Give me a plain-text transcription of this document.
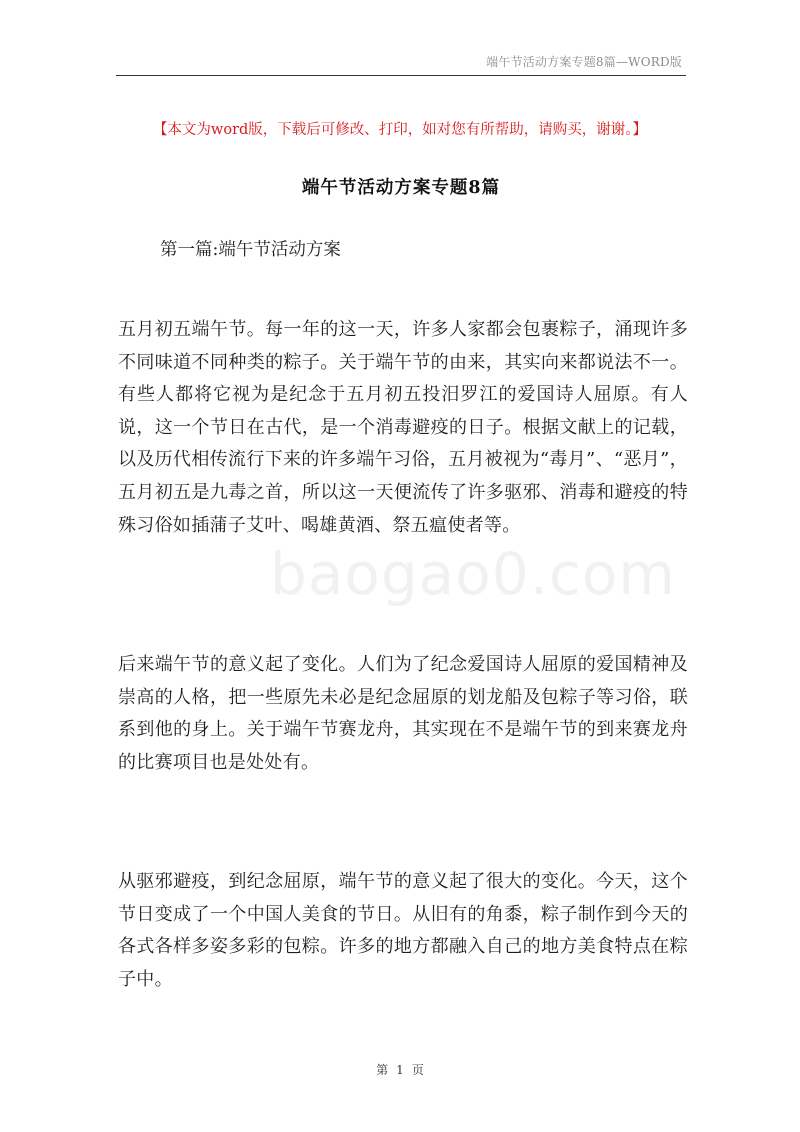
端午节活动方案专题8篇—WORD版
【本文为word版，下载后可修改、打印，如对您有所帮助，请购买，谢谢。】
端午节活动方案专题8篇
第一篇:端午节活动方案
baogao0.com

五月初五端午节。每一年的这一天，许多人家都会包裹粽子，涌现许多不同味道不同种类的粽子。关于端午节的由来，其实向来都说法不一。有些人都将它视为是纪念于五月初五投汨罗江的爱国诗人屈原。有人说，这一个节日在古代，是一个消毒避疫的日子。根据文献上的记载，以及历代相传流行下来的许多端午习俗，五月被视为“毒月”、“恶月”，五月初五是九毒之首，所以这一天便流传了许多驱邪、消毒和避疫的特殊习俗如插蒲子艾叶、喝雄黄酒、祭五瘟使者等。

后来端午节的意义起了变化。人们为了纪念爱国诗人屈原的爱国精神及崇高的人格，把一些原先未必是纪念屈原的划龙船及包粽子等习俗，联系到他的身上。关于端午节赛龙舟，其实现在不是端午节的到来赛龙舟的比赛项目也是处处有。

从驱邪避疫，到纪念屈原，端午节的意义起了很大的变化。今天，这个节日变成了一个中国人美食的节日。从旧有的角黍，粽子制作到今天的各式各样多姿多彩的包粽。许多的地方都融入自己的地方美食特点在粽子中。

第 1 页
